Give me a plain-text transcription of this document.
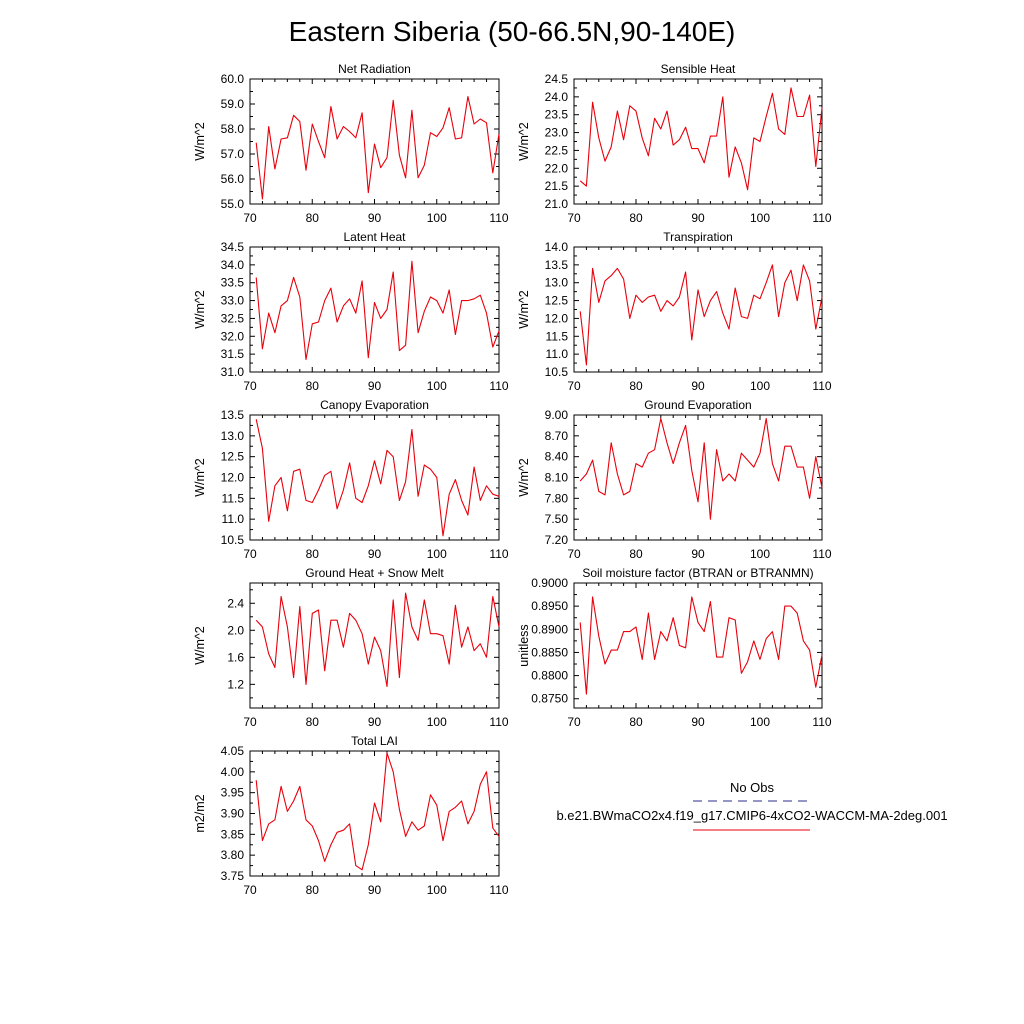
Eastern Siberia (50-66.5N,90-140E)
Net Radiation
70	80	90	100	110
55.0
56.0
57.0
58.0
59.0
60.0
W/m^2
Sensible Heat
70	80	90	100	110
21.0
21.5
22.0
22.5
23.0
23.5
24.0
24.5
W/m^2
Latent Heat
70	80	90	100	110
31.0
31.5
32.0
32.5
33.0
33.5
34.0
34.5
W/m^2
Transpiration
70	80	90	100	110
10.5
11.0
11.5
12.0
12.5
13.0
13.5
14.0
W/m^2
Canopy Evaporation
70	80	90	100	110
10.5
11.0
11.5
12.0
12.5
13.0
13.5
W/m^2
Ground Evaporation
70	80	90	100	110
7.20
7.50
7.80
8.10
8.40
8.70
9.00
W/m^2
Ground Heat + Snow Melt
70	80	90	100	110
1.2
1.6
2.0
2.4
W/m^2
Soil moisture factor (BTRAN or BTRANMN)
70	80	90	100	110
0.8750
0.8800
0.8850
0.8900
0.8950
0.9000
unitless
Total LAI
70	80	90	100	110
3.75
3.80
3.85
3.90
3.95
4.00
4.05
m2/m2
No Obs
b.e21.BWmaCO2x4.f19_g17.CMIP6-4xCO2-WACCM-MA-2deg.001
